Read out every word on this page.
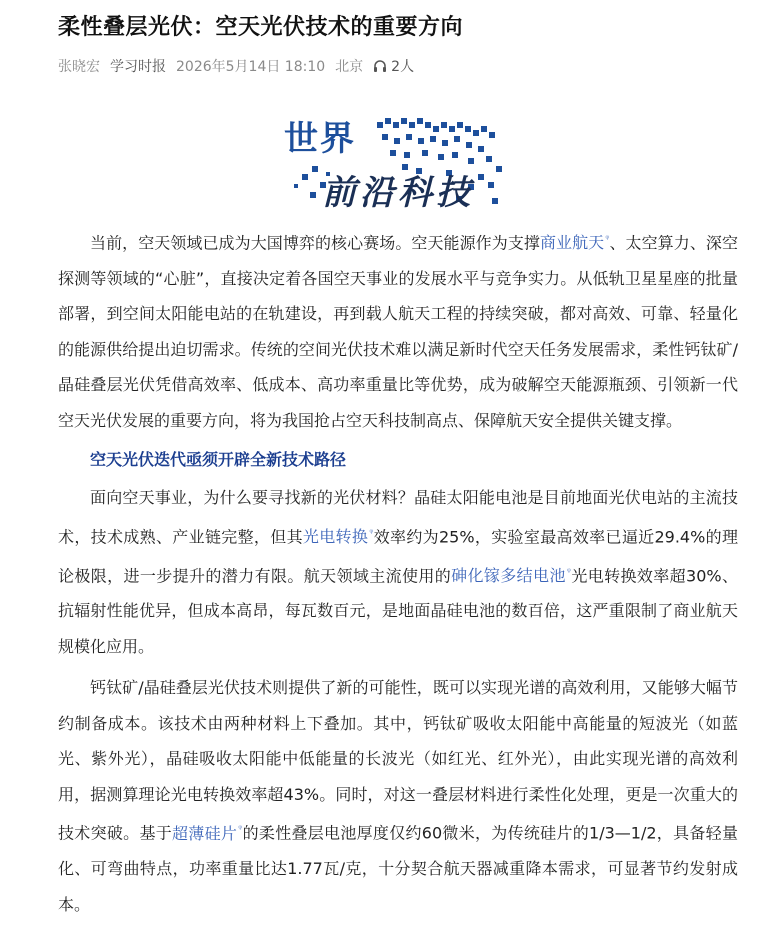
柔性叠层光伏：空天光伏技术的重要方向
张晓宏 学习时报 2026年5月14日 18:10 北京 2人
世界
前沿科技

当前，空天领域已成为大国博弈的核心赛场。空天能源作为支撑商业航天$^ᵠ$、太空算力、深空探测等领域的“心脏”，直接决定着各国空天事业的发展水平与竞争实力。从低轨卫星星座的批量部署，到空间太阳能电站的在轨建设，再到载人航天工程的持续突破，都对高效、可靠、轻量化的能源供给提出迫切需求。传统的空间光伏技术难以满足新时代空天任务发展需求，柔性钙钛矿/晶硅叠层光伏凭借高效率、低成本、高功率重量比等优势，成为破解空天能源瓶颈、引领新一代空天光伏发展的重要方向，将为我国抢占空天科技制高点、保障航天安全提供关键支撑。

空天光伏迭代亟须开辟全新技术路径

面向空天事业，为什么要寻找新的光伏材料？晶硅太阳能电池是目前地面光伏电站的主流技术，技术成熟、产业链完整，但其光电转换$^ᵠ$效率约为25%，实验室最高效率已逼近29.4%的理论极限，进一步提升的潜力有限。航天领域主流使用的砷化镓多结电池$^ᵠ$光电转换效率超30%、抗辐射性能优异，但成本高昂，每瓦数百元，是地面晶硅电池的数百倍，这严重限制了商业航天规模化应用。

钙钛矿/晶硅叠层光伏技术则提供了新的可能性，既可以实现光谱的高效利用，又能够大幅节约制备成本。该技术由两种材料上下叠加。其中，钙钛矿吸收太阳能中高能量的短波光（如蓝光、紫外光），晶硅吸收太阳能中低能量的长波光（如红光、红外光），由此实现光谱的高效利用，据测算理论光电转换效率超43%。同时，对这一叠层材料进行柔性化处理，更是一次重大的技术突破。基于超薄硅片$^ᵠ$的柔性叠层电池厚度仅约60微米，为传统硅片的1/3—1/2，具备轻量化、可弯曲特点，功率重量比达1.77瓦/克，十分契合航天器减重降本需求，可显著节约发射成本。
